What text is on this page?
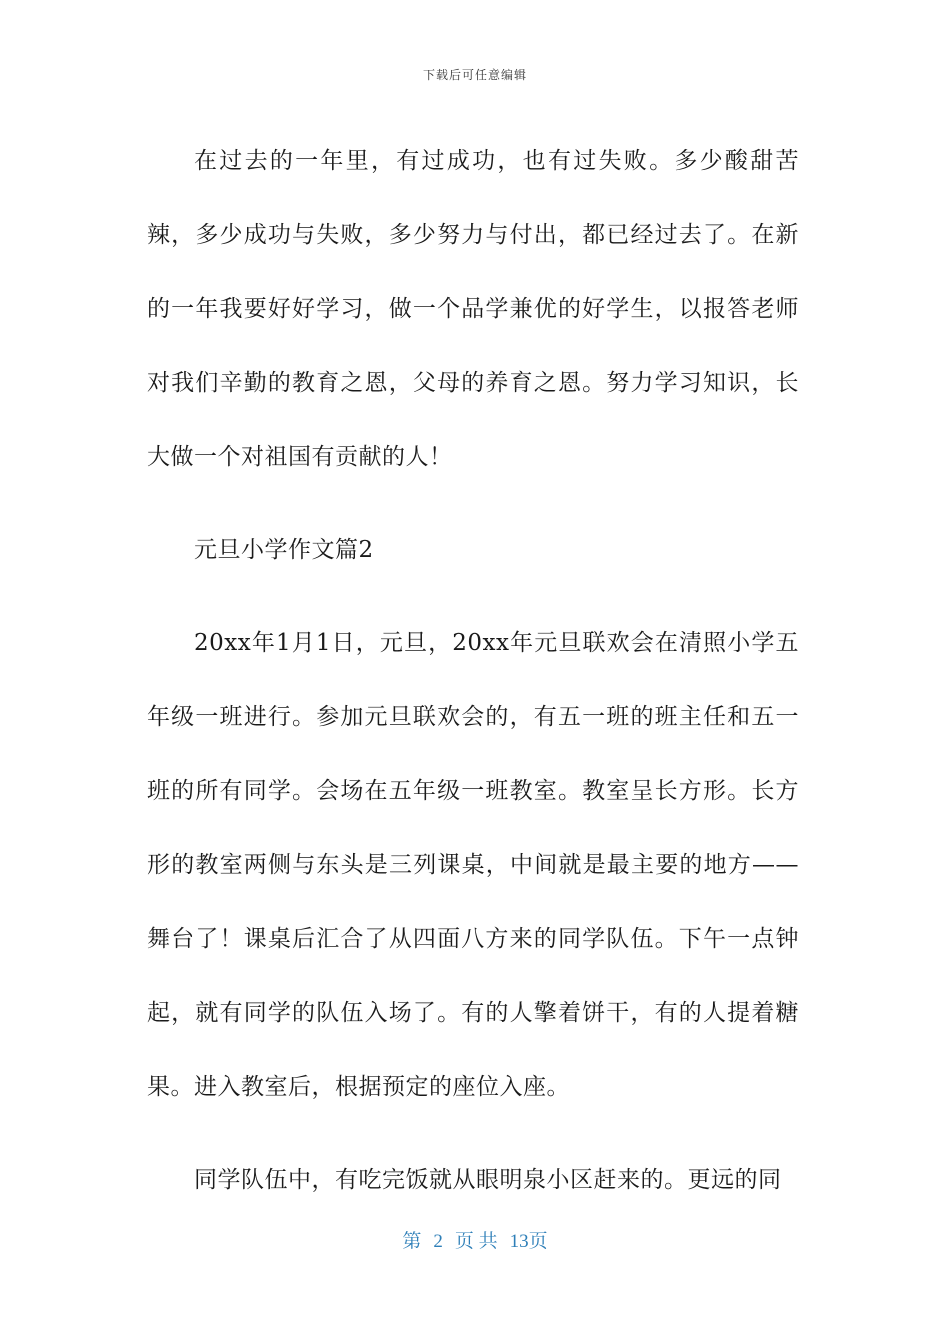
下载后可任意编辑

在过去的一年里，有过成功，也有过失败。多少酸甜苦辣，多少成功与失败，多少努力与付出，都已经过去了。在新的一年我要好好学习，做一个品学兼优的好学生，以报答老师对我们辛勤的教育之恩，父母的养育之恩。努力学习知识，长大做一个对祖国有贡献的人！

元旦小学作文篇2

20xx年1月1日，元旦，20xx年元旦联欢会在清照小学五年级一班进行。参加元旦联欢会的，有五一班的班主任和五一班的所有同学。会场在五年级一班教室。教室呈长方形。长方形的教室两侧与东头是三列课桌，中间就是最主要的地方——舞台了！课桌后汇合了从四面八方来的同学队伍。下午一点钟起，就有同学的队伍入场了。有的人擎着饼干，有的人提着糖果。进入教室后，根据预定的座位入座。

同学队伍中，有吃完饭就从眼明泉小区赶来的。更远的同

第 2 页 共 13页
